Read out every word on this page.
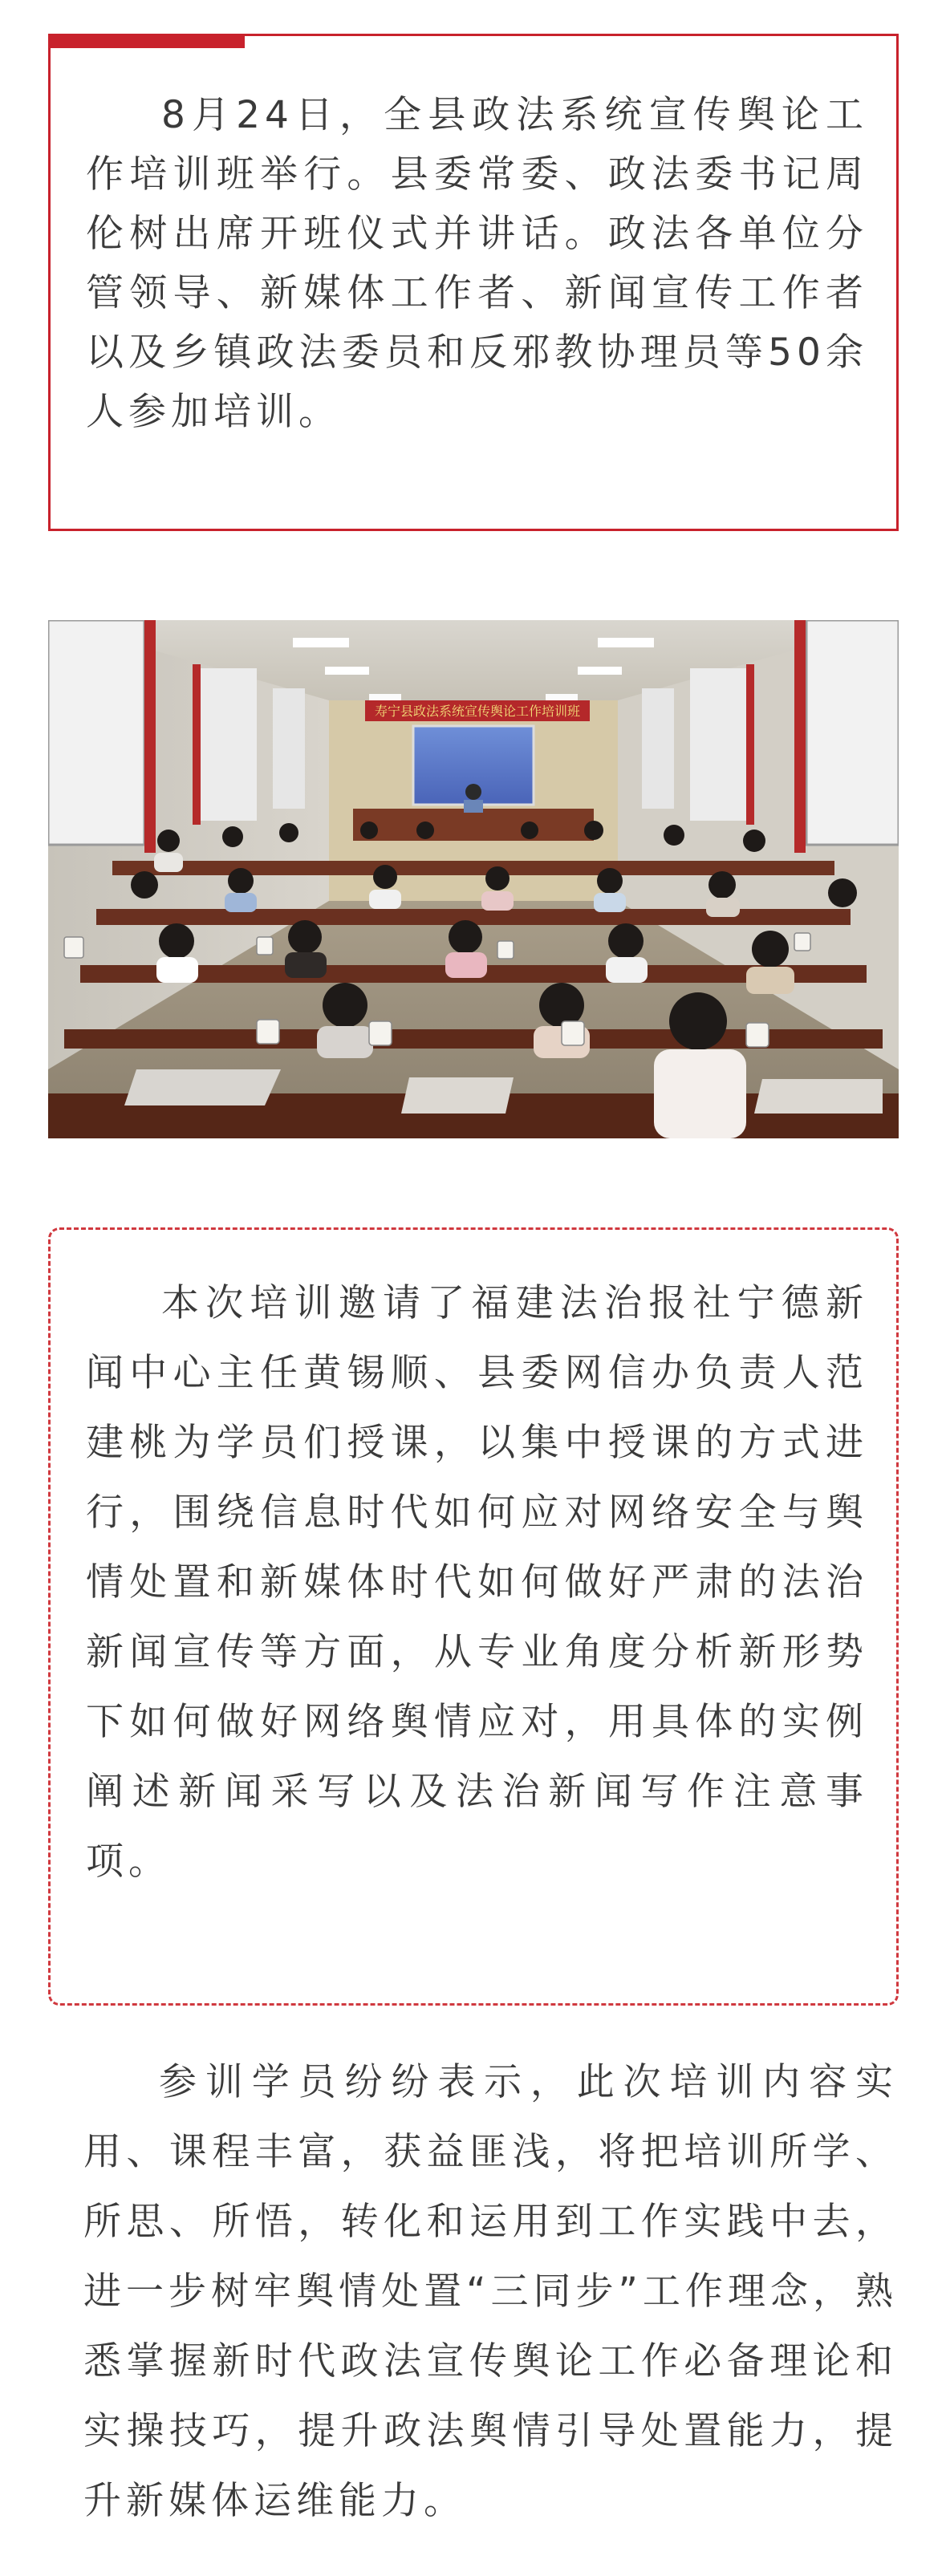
8月24日，全县政法系统宣传舆论工作培训班举行。县委常委、政法委书记周伦树出席开班仪式并讲话。政法各单位分管领导、新媒体工作者、新闻宣传工作者以及乡镇政法委员和反邪教协理员等50余人参加培训。

寿宁县政法系统宣传舆论工作培训班

本次培训邀请了福建法治报社宁德新闻中心主任黄锡顺、县委网信办负责人范建桃为学员们授课，以集中授课的方式进行，围绕信息时代如何应对网络安全与舆情处置和新媒体时代如何做好严肃的法治新闻宣传等方面，从专业角度分析新形势下如何做好网络舆情应对，用具体的实例阐述新闻采写以及法治新闻写作注意事项。

参训学员纷纷表示，此次培训内容实用、课程丰富，获益匪浅，将把培训所学、所思、所悟，转化和运用到工作实践中去，进一步树牢舆情处置“三同步”工作理念，熟悉掌握新时代政法宣传舆论工作必备理论和实操技巧，提升政法舆情引导处置能力，提升新媒体运维能力。
